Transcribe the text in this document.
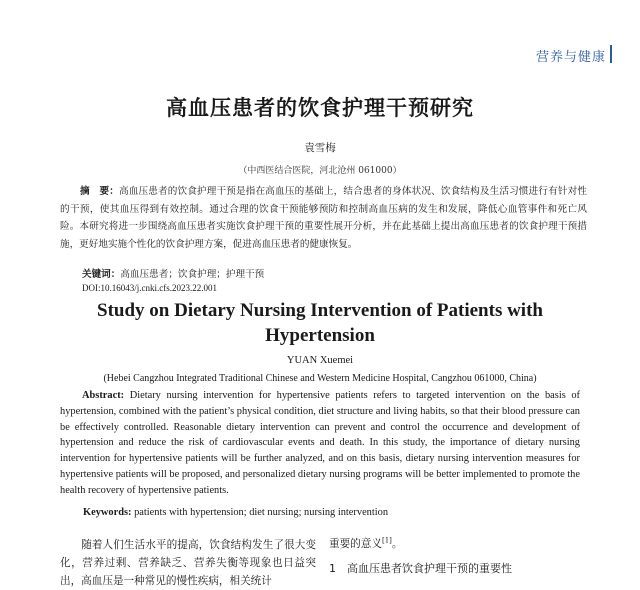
营养与健康
高血压患者的饮食护理干预研究
袁雪梅
（中西医结合医院，河北沧州 061000）
摘　要：高血压患者的饮食护理干预是指在高血压的基础上，结合患者的身体状况、饮食结构及生活习惯进行有针对性的干预，使其血压得到有效控制。通过合理的饮食干预能够预防和控制高血压病的发生和发展，降低心血管事件和死亡风险。本研究将进一步围绕高血压患者实施饮食护理干预的重要性展开分析，并在此基础上提出高血压患者的饮食护理干预措施，更好地实施个性化的饮食护理方案，促进高血压患者的健康恢复。
关键词：高血压患者；饮食护理；护理干预
DOI:10.16043/j.cnki.cfs.2023.22.001
Study on Dietary Nursing Intervention of Patients with Hypertension
YUAN Xuemei
(Hebei Cangzhou Integrated Traditional Chinese and Western Medicine Hospital, Cangzhou 061000, China)
Abstract: Dietary nursing intervention for hypertensive patients refers to targeted intervention on the basis of hypertension, combined with the patient’s physical condition, diet structure and living habits, so that their blood pressure can be effectively controlled. Reasonable dietary intervention can prevent and control the occurrence and development of hypertension and reduce the risk of cardiovascular events and death. In this study, the importance of dietary nursing intervention for hypertensive patients will be further analyzed, and on this basis, dietary nursing intervention measures for hypertensive patients will be proposed, and personalized dietary nursing programs will be better implemented to promote the health recovery of hypertensive patients.
Keywords: patients with hypertension; diet nursing; nursing intervention
随着人们生活水平的提高，饮食结构发生了很大变化，营养过剩、营养缺乏、营养失衡等现象也日益突出，高血压是一种常见的慢性疾病，相关统计
重要的意义[1]。
1 高血压患者饮食护理干预的重要性
